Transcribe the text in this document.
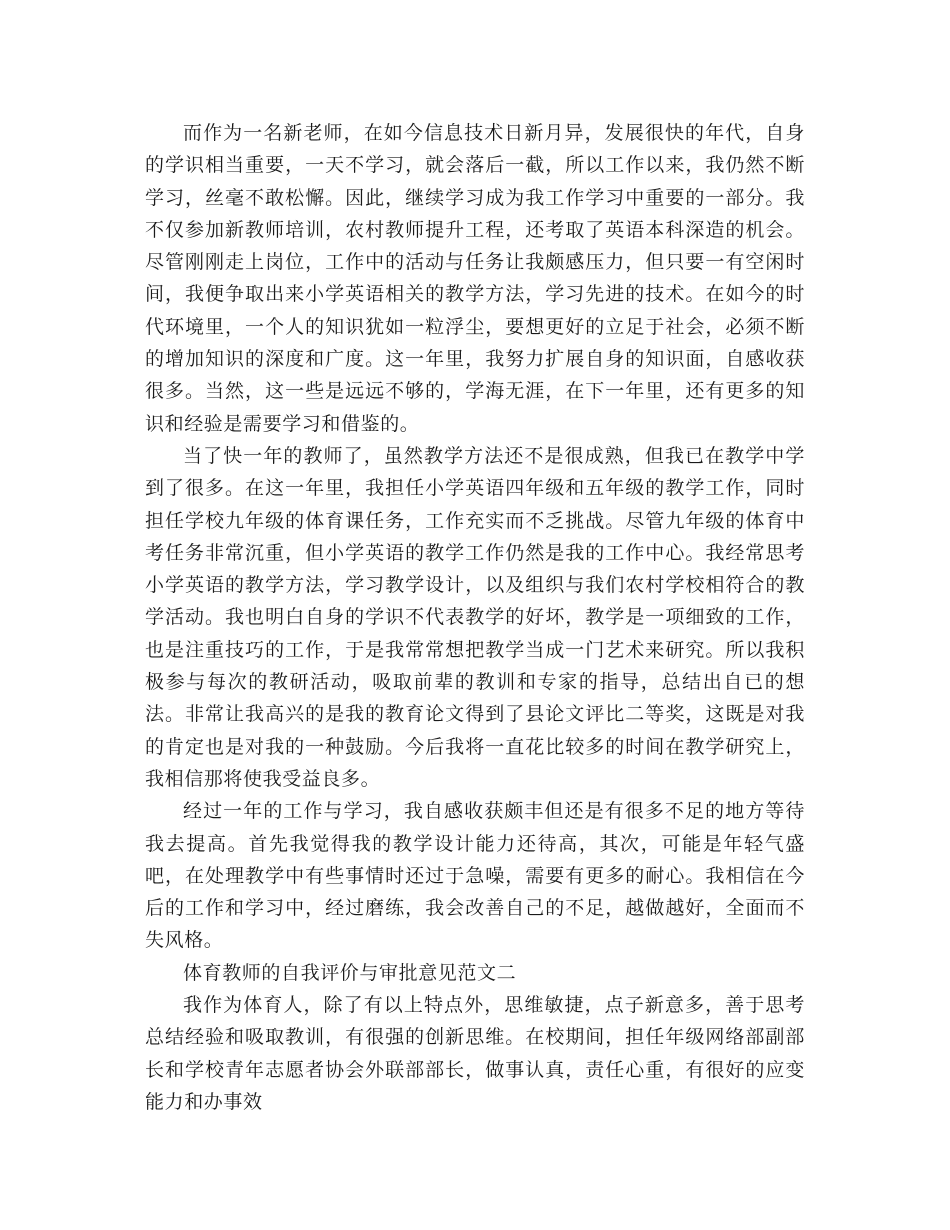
而作为一名新老师，在如今信息技术日新月异，发展很快的年代，自身的学识相当重要，一天不学习，就会落后一截，所以工作以来，我仍然不断学习，丝毫不敢松懈。因此，继续学习成为我工作学习中重要的一部分。我不仅参加新教师培训，农村教师提升工程，还考取了英语本科深造的机会。尽管刚刚走上岗位，工作中的活动与任务让我颇感压力，但只要一有空闲时间，我便争取出来小学英语相关的教学方法，学习先进的技术。在如今的时代环境里，一个人的知识犹如一粒浮尘，要想更好的立足于社会，必须不断的增加知识的深度和广度。这一年里，我努力扩展自身的知识面，自感收获很多。当然，这一些是远远不够的，学海无涯，在下一年里，还有更多的知识和经验是需要学习和借鉴的。

当了快一年的教师了，虽然教学方法还不是很成熟，但我已在教学中学到了很多。在这一年里，我担任小学英语四年级和五年级的教学工作，同时担任学校九年级的体育课任务，工作充实而不乏挑战。尽管九年级的体育中考任务非常沉重，但小学英语的教学工作仍然是我的工作中心。我经常思考小学英语的教学方法，学习教学设计，以及组织与我们农村学校相符合的教学活动。我也明白自身的学识不代表教学的好坏，教学是一项细致的工作，也是注重技巧的工作，于是我常常想把教学当成一门艺术来研究。所以我积极参与每次的教研活动，吸取前辈的教训和专家的指导，总结出自已的想法。非常让我高兴的是我的教育论文得到了县论文评比二等奖，这既是对我的肯定也是对我的一种鼓励。今后我将一直花比较多的时间在教学研究上，我相信那将使我受益良多。

经过一年的工作与学习，我自感收获颇丰但还是有很多不足的地方等待我去提高。首先我觉得我的教学设计能力还待高，其次，可能是年轻气盛吧，在处理教学中有些事情时还过于急噪，需要有更多的耐心。我相信在今后的工作和学习中，经过磨练，我会改善自己的不足，越做越好，全面而不失风格。

体育教师的自我评价与审批意见范文二

我作为体育人，除了有以上特点外，思维敏捷，点子新意多，善于思考总结经验和吸取教训，有很强的创新思维。在校期间，担任年级网络部副部长和学校青年志愿者协会外联部部长，做事认真，责任心重，有很好的应变能力和办事效
